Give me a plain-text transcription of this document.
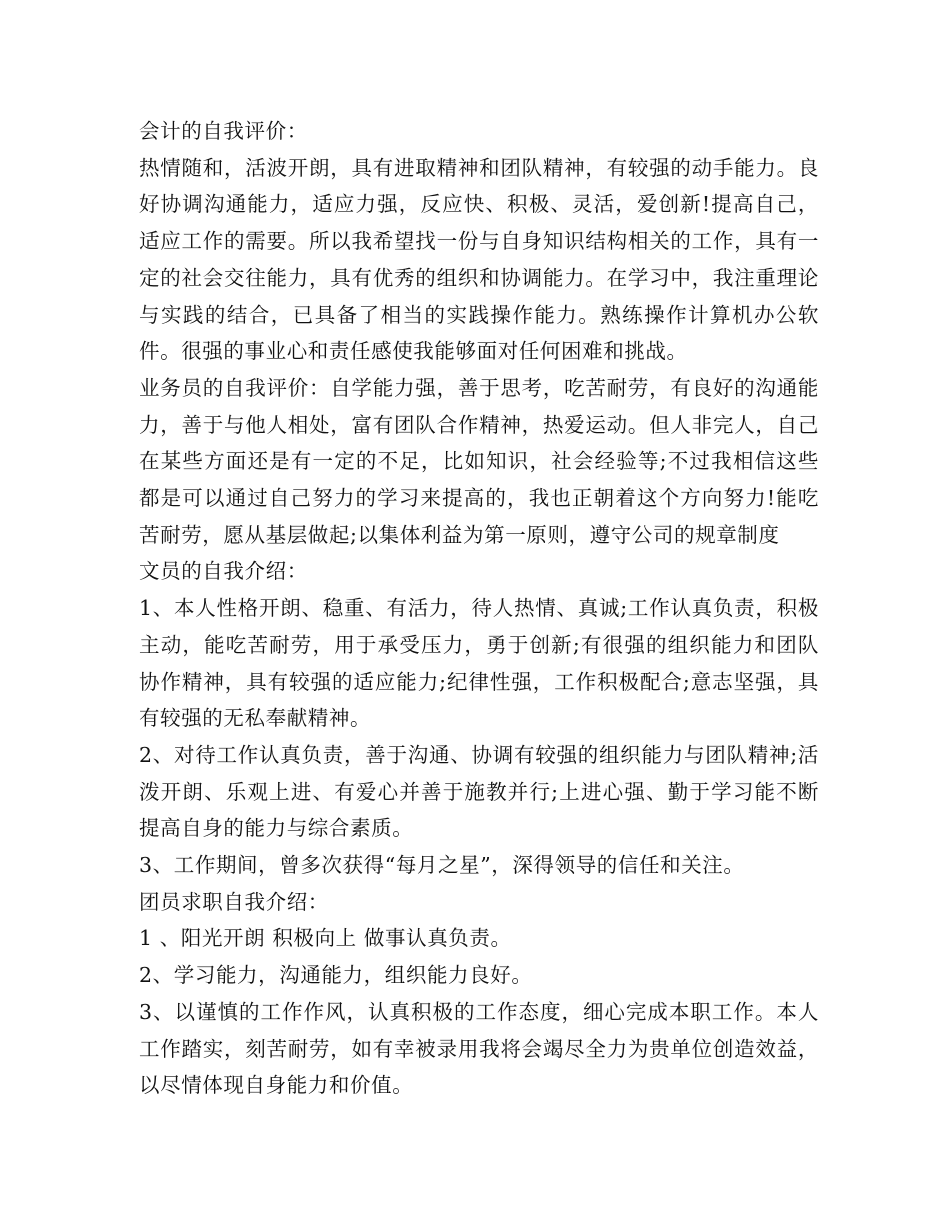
会计的自我评价：

热情随和，活波开朗，具有进取精神和团队精神，有较强的动手能力。良好协调沟通能力，适应力强，反应快、积极、灵活，爱创新!提高自己，适应工作的需要。所以我希望找一份与自身知识结构相关的工作，具有一定的社会交往能力，具有优秀的组织和协调能力。在学习中，我注重理论与实践的结合，已具备了相当的实践操作能力。熟练操作计算机办公软件。很强的事业心和责任感使我能够面对任何困难和挑战。

业务员的自我评价：自学能力强，善于思考，吃苦耐劳，有良好的沟通能力，善于与他人相处，富有团队合作精神，热爱运动。但人非完人，自己在某些方面还是有一定的不足，比如知识，社会经验等;不过我相信这些都是可以通过自己努力的学习来提高的，我也正朝着这个方向努力!能吃苦耐劳，愿从基层做起;以集体利益为第一原则，遵守公司的规章制度

文员的自我介绍：

1、本人性格开朗、稳重、有活力，待人热情、真诚;工作认真负责，积极主动，能吃苦耐劳，用于承受压力，勇于创新;有很强的组织能力和团队协作精神，具有较强的适应能力;纪律性强，工作积极配合;意志坚强，具有较强的无私奉献精神。

2、对待工作认真负责，善于沟通、协调有较强的组织能力与团队精神;活泼开朗、乐观上进、有爱心并善于施教并行;上进心强、勤于学习能不断提高自身的能力与综合素质。

3、工作期间，曾多次获得“每月之星”，深得领导的信任和关注。

团员求职自我介绍：

1 、阳光开朗 积极向上 做事认真负责。

2、学习能力，沟通能力，组织能力良好。

3、以谨慎的工作作风，认真积极的工作态度，细心完成本职工作。本人工作踏实，刻苦耐劳，如有幸被录用我将会竭尽全力为贵单位创造效益，以尽情体现自身能力和价值。
